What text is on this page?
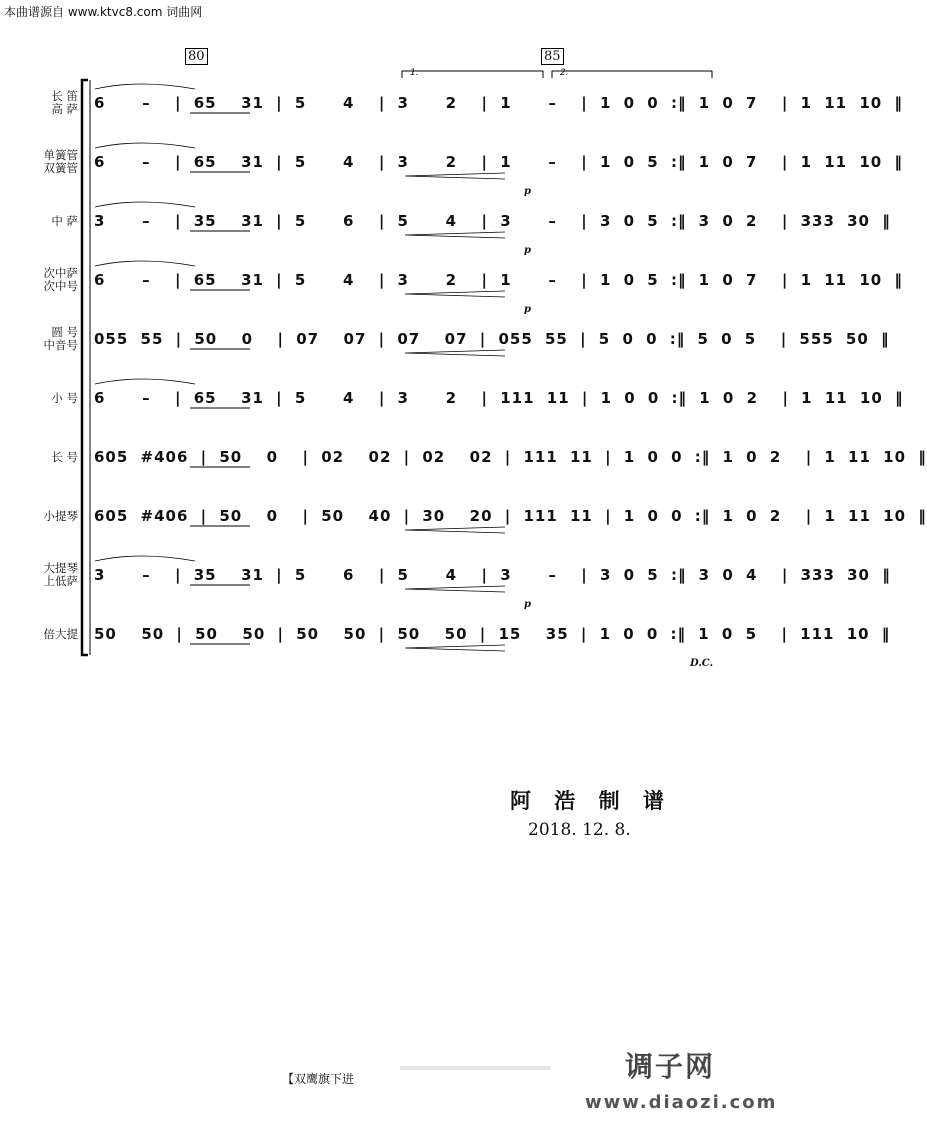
本曲谱源自 www.ktvc8.com 词曲网
80	85
1.	2.
长 笛
高 萨 6   –  | 65  31 | 5   4  | 3   2  | 1   –  | 1 0 0 :‖ 1 0 7  | 1 11 10 ‖
单簧管
双簧管 6   –  | 65  31 | 5   4  | 3   2  | 1   –  | 1 0 5 :‖ 1 0 7  | 1 11 10 ‖
中 萨 3   –  | 35  31 | 5   6  | 5   4  | 3   –  | 3 0 5 :‖ 3 0 2  | 333 30 ‖
次中萨
次中号 6   –  | 65  31 | 5   4  | 3   2  | 1   –  | 1 0 5 :‖ 1 0 7  | 1 11 10 ‖
圆 号
中音号 055 55 | 50  0  | 07  07 | 07  07 | 055 55 | 5 0 0 :‖ 5 0 5  | 555 50 ‖
小 号 6   –  | 65  31 | 5   4  | 3   2  | 111 11 | 1 0 0 :‖ 1 0 2  | 1 11 10 ‖
长 号 605 #406 | 50  0  | 02  02 | 02  02 | 111 11 | 1 0 0 :‖ 1 0 2  | 1 11 10 ‖
小提琴 605 #406 | 50  0  | 50  40 | 30  20 | 111 11 | 1 0 0 :‖ 1 0 2  | 1 11 10 ‖
大提琴
上低萨 3   –  | 35  31 | 5   6  | 5   4  | 3   –  | 3 0 5 :‖ 3 0 4  | 333 30 ‖
倍大提 50  50 | 50  50 | 50  50 | 50  50 | 15  35 | 1 0 0 :‖ 1 0 5  | 111 10 ‖
p
p
p
p
D.C.
阿 浩 制 谱
2018. 12. 8.
【双鹰旗下进	调子网
www.diaozi.com
